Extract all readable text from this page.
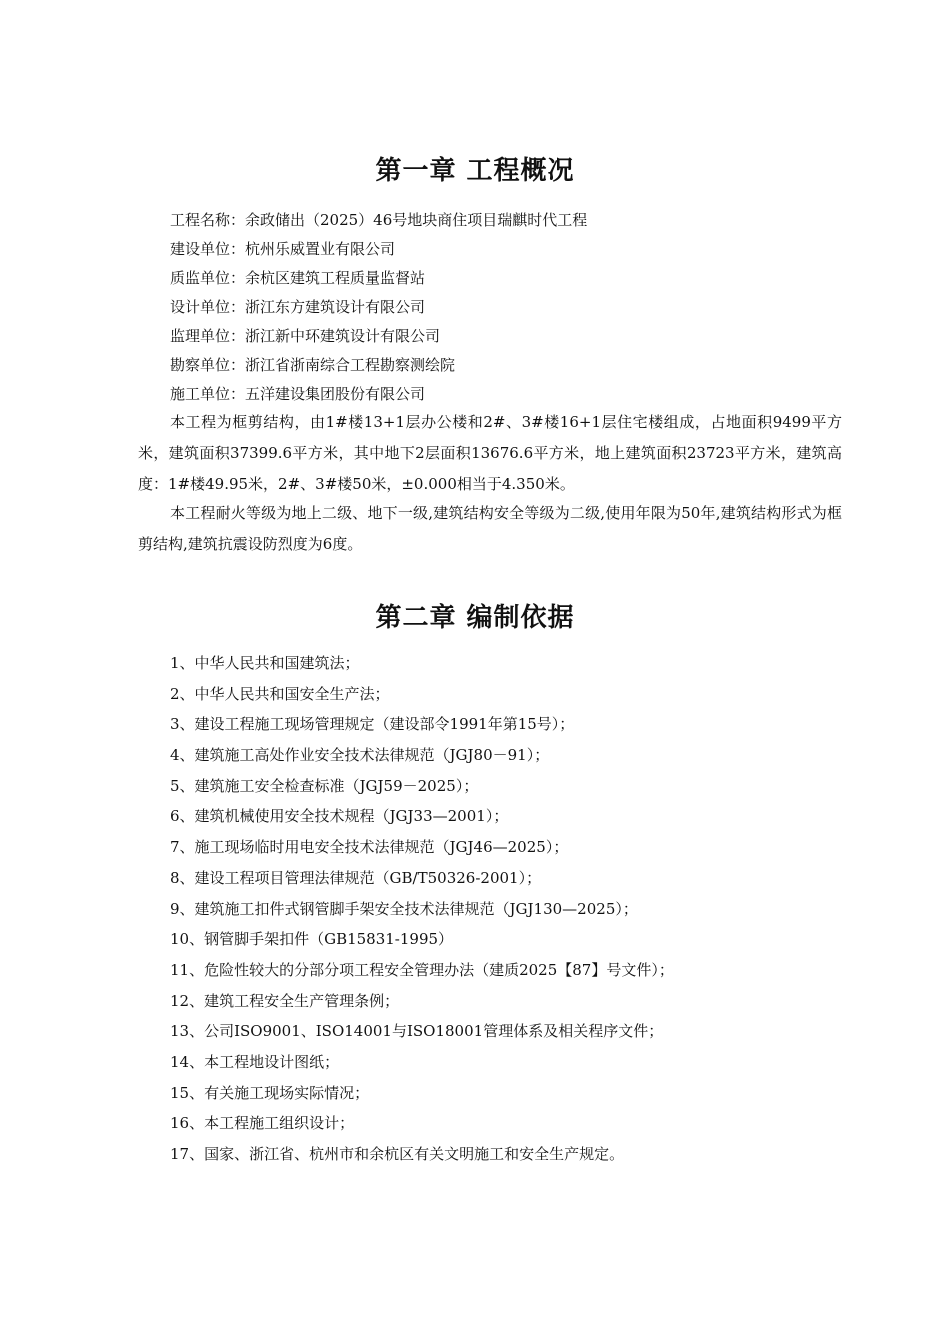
第一章 工程概况
工程名称：余政储出（2025）46号地块商住项目瑞麒时代工程
建设单位：杭州乐威置业有限公司
质监单位：余杭区建筑工程质量监督站
设计单位：浙江东方建筑设计有限公司
监理单位：浙江新中环建筑设计有限公司
勘察单位：浙江省浙南综合工程勘察测绘院
施工单位：五洋建设集团股份有限公司

本工程为框剪结构，由1#楼13+1层办公楼和2#、3#楼16+1层住宅楼组成，占地面积9499平方米，建筑面积37399.6平方米，其中地下2层面积13676.6平方米，地上建筑面积23723平方米，建筑高度：1#楼49.95米，2#、3#楼50米，±0.000相当于4.350米。

本工程耐火等级为地上二级、地下一级,建筑结构安全等级为二级,使用年限为50年,建筑结构形式为框剪结构,建筑抗震设防烈度为6度。

第二章 编制依据
1、中华人民共和国建筑法；
2、中华人民共和国安全生产法；
3、建设工程施工现场管理规定（建设部令1991年第15号）；
4、建筑施工高处作业安全技术法律规范（JGJ80－91）；
5、建筑施工安全检查标准（JGJ59－2025）；
6、建筑机械使用安全技术规程（JGJ33—2001）；
7、施工现场临时用电安全技术法律规范（JGJ46—2025）；
8、建设工程项目管理法律规范（GB/T50326-2001）；
9、建筑施工扣件式钢管脚手架安全技术法律规范（JGJ130—2025）；
10、钢管脚手架扣件（GB15831-1995）
11、危险性较大的分部分项工程安全管理办法（建质2025【87】号文件）；
12、建筑工程安全生产管理条例；
13、公司ISO9001、ISO14001与ISO18001管理体系及相关程序文件；
14、本工程地设计图纸；
15、有关施工现场实际情况；
16、本工程施工组织设计；
17、国家、浙江省、杭州市和余杭区有关文明施工和安全生产规定。
